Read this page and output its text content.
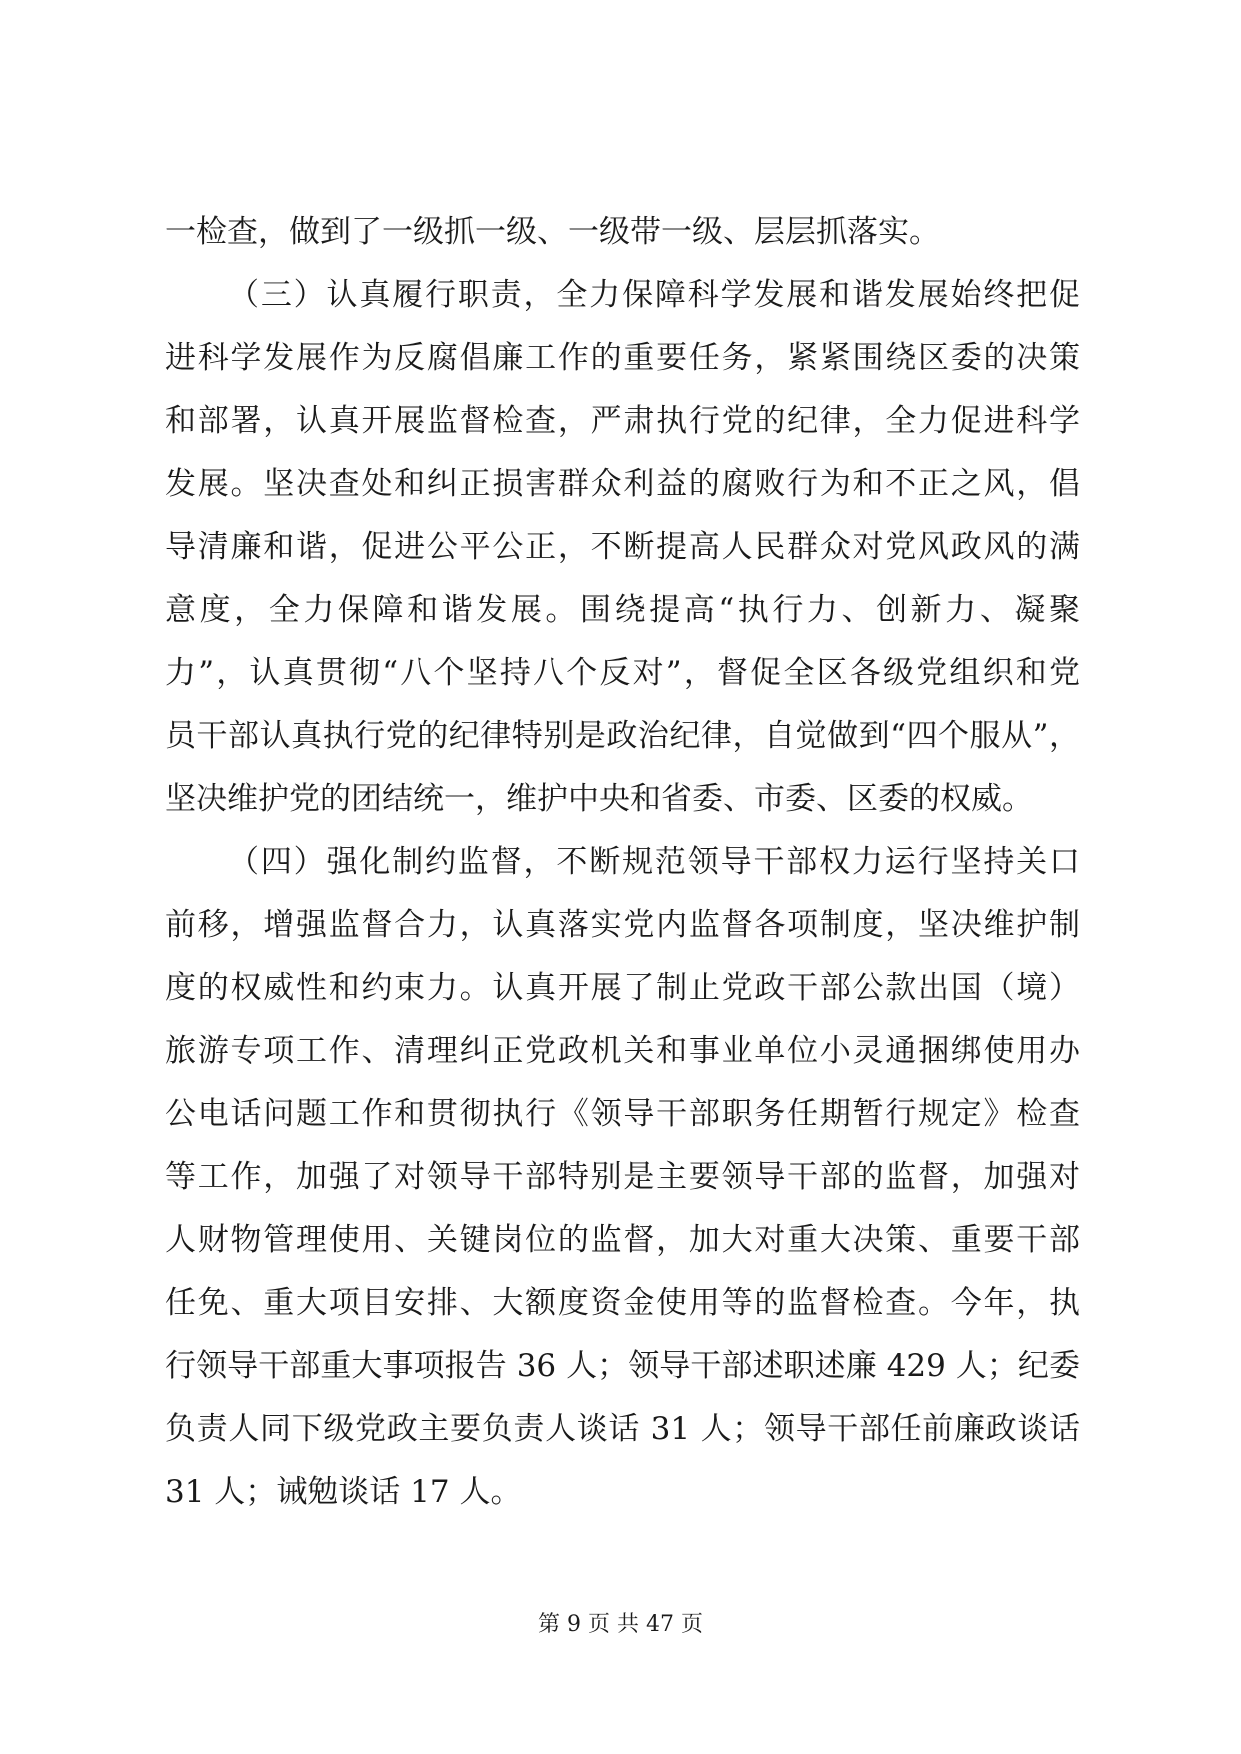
一检查，做到了一级抓一级、一级带一级、层层抓落实。
（三）认真履行职责，全力保障科学发展和谐发展始终把促
进科学发展作为反腐倡廉工作的重要任务，紧紧围绕区委的决策
和部署，认真开展监督检查，严肃执行党的纪律，全力促进科学
发展。坚决查处和纠正损害群众利益的腐败行为和不正之风，倡
导清廉和谐，促进公平公正，不断提高人民群众对党风政风的满
意度，全力保障和谐发展。围绕提高“执行力、创新力、凝聚
力”，认真贯彻“八个坚持八个反对”，督促全区各级党组织和党
员干部认真执行党的纪律特别是政治纪律，自觉做到“四个服从”，
坚决维护党的团结统一，维护中央和省委、市委、区委的权威。
（四）强化制约监督，不断规范领导干部权力运行坚持关口
前移，增强监督合力，认真落实党内监督各项制度，坚决维护制
度的权威性和约束力。认真开展了制止党政干部公款出国（境）
旅游专项工作、清理纠正党政机关和事业单位小灵通捆绑使用办
公电话问题工作和贯彻执行《领导干部职务任期暂行规定》检查
等工作，加强了对领导干部特别是主要领导干部的监督，加强对
人财物管理使用、关键岗位的监督，加大对重大决策、重要干部
任免、重大项目安排、大额度资金使用等的监督检查。今年，执
行领导干部重大事项报告 36 人；领导干部述职述廉 429 人；纪委
负责人同下级党政主要负责人谈话 31 人；领导干部任前廉政谈话
31 人；诫勉谈话 17 人。
第 9 页 共 47 页
